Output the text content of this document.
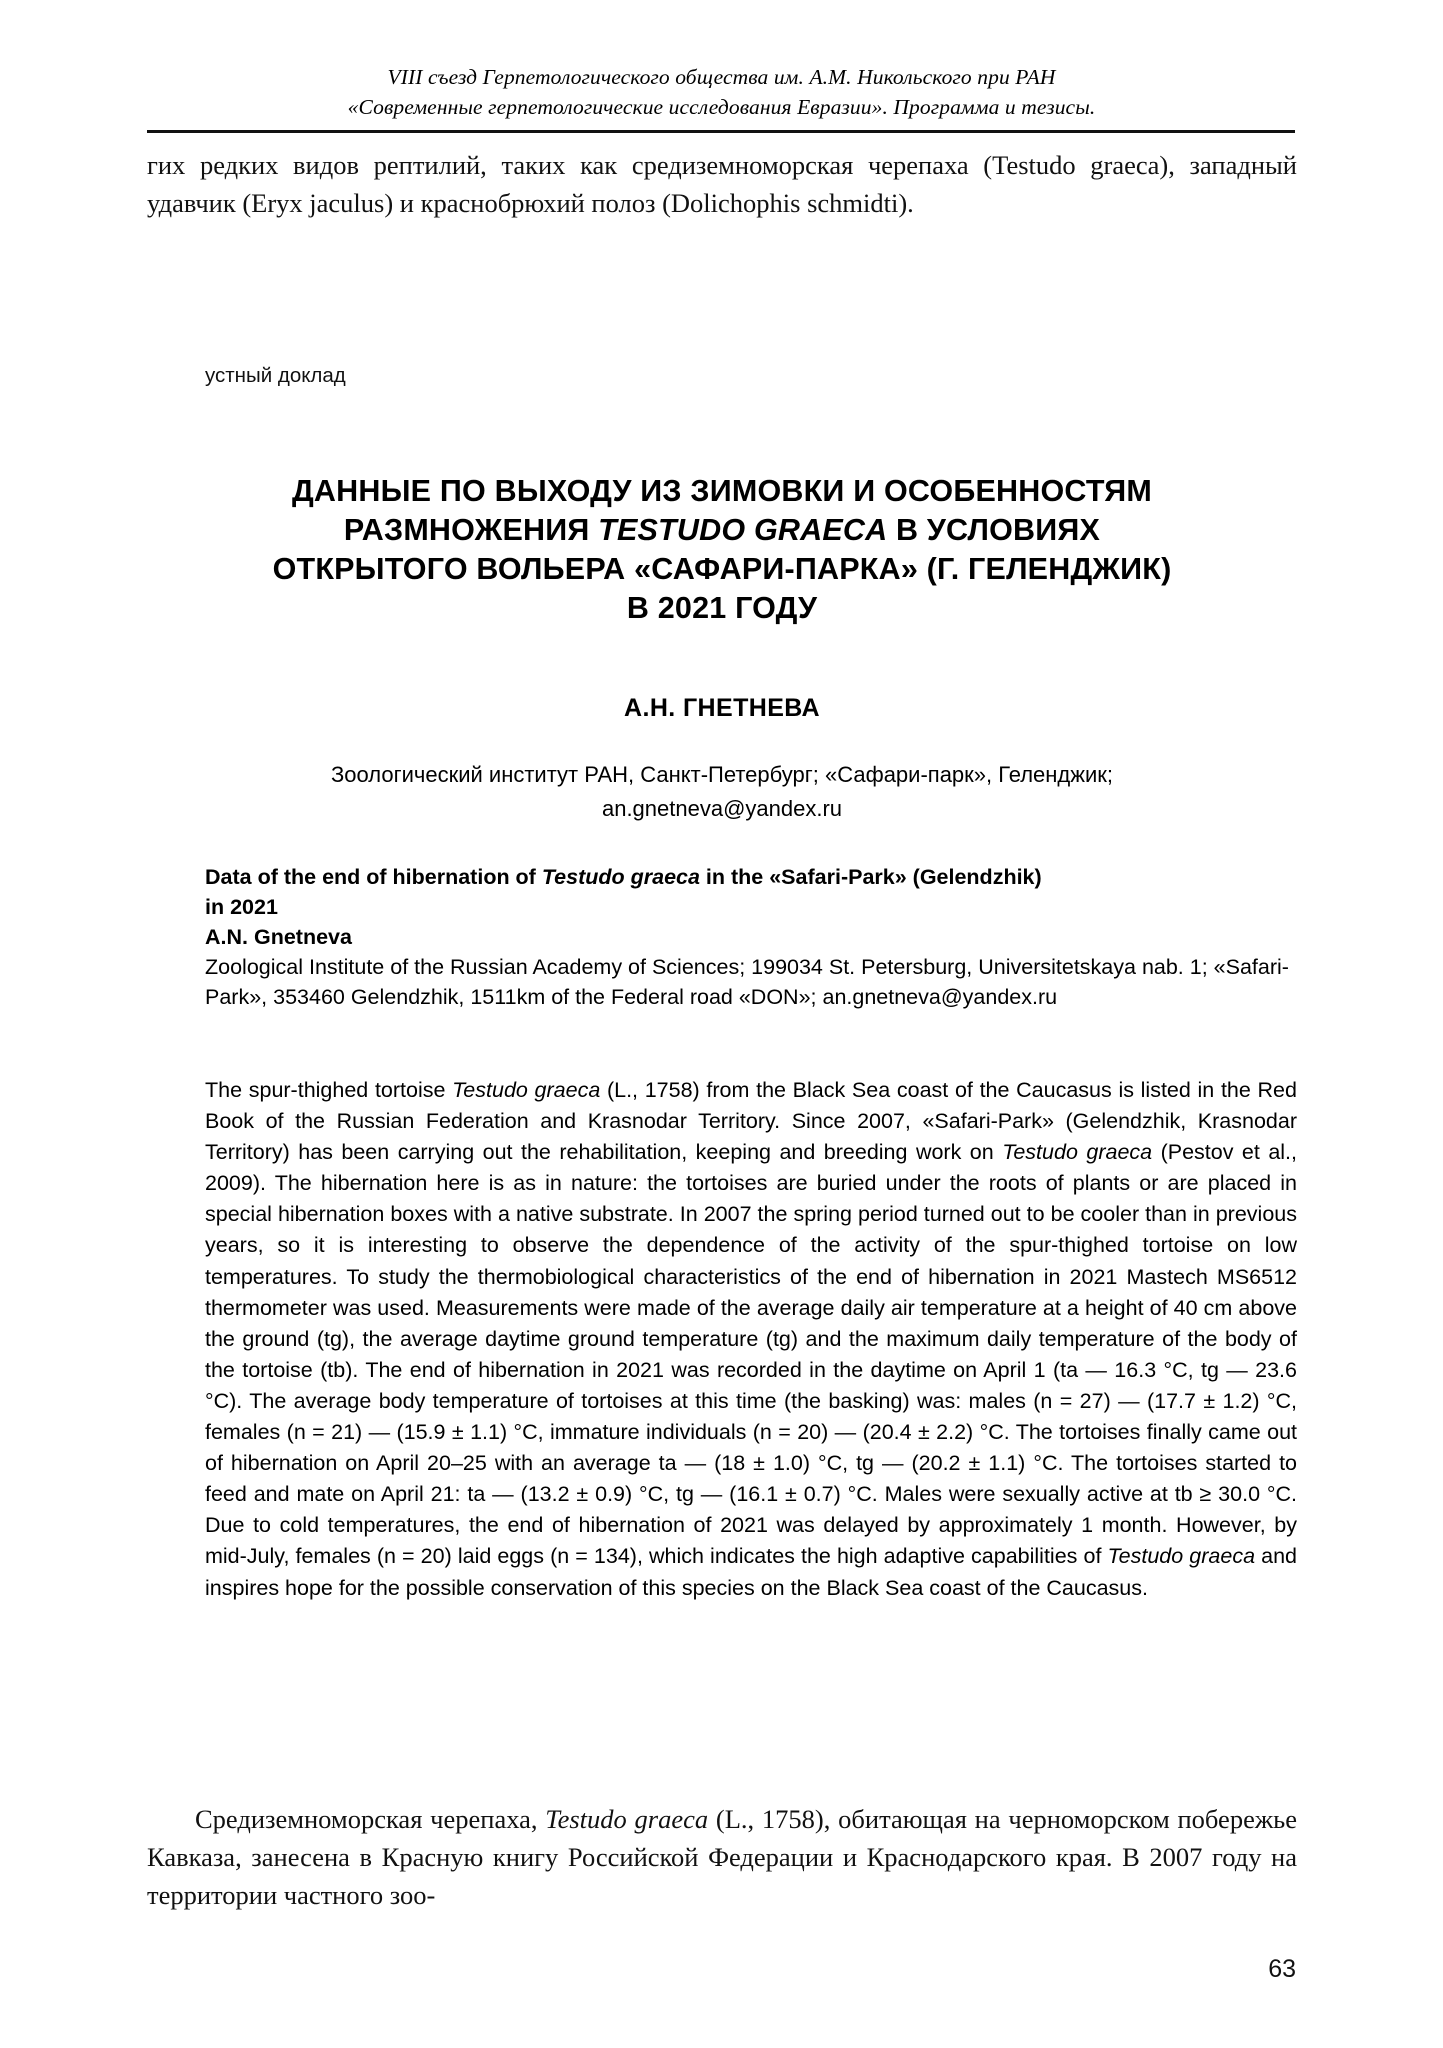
VIII съезд Герпетологического общества им. А.М. Никольского при РАН
«Современные герпетологические исследования Евразии». Программа и тезисы.
гих редких видов рептилий, таких как средиземноморская черепаха (Testudo graeca), западный удавчик (Eryx jaculus) и краснобрюхий полоз (Dolichophis schmidti).
устный доклад
ДАННЫЕ ПО ВЫХОДУ ИЗ ЗИМОВКИ И ОСОБЕННОСТЯМ
РАЗМНОЖЕНИЯ TESTUDO GRAECA В УСЛОВИЯХ
ОТКРЫТОГО ВОЛЬЕРА «САФАРИ-ПАРКА» (Г. ГЕЛЕНДЖИК)
В 2021 ГОДУ
А.Н. ГНЕТНЕВА
Зоологический институт РАН, Санкт-Петербург; «Сафари-парк», Геленджик;
an.gnetneva@yandex.ru
Data of the end of hibernation of Testudo graeca in the «Safari-Park» (Gelendzhik)
in 2021
A.N. Gnetneva
Zoological Institute of the Russian Academy of Sciences; 199034 St. Petersburg, Universitetskaya nab. 1; «Safari-Park», 353460 Gelendzhik, 1511km of the Federal road «DON»; an.gnetneva@yandex.ru
The spur-thighed tortoise Testudo graeca (L., 1758) from the Black Sea coast of the Caucasus is listed in the Red Book of the Russian Federation and Krasnodar Territory. Since 2007, «Safari-Park» (Gelendzhik, Krasnodar Territory) has been carrying out the rehabilitation, keeping and breeding work on Testudo graeca (Pestov et al., 2009). The hibernation here is as in nature: the tortoises are buried under the roots of plants or are placed in special hibernation boxes with a native substrate. In 2007 the spring period turned out to be cooler than in previous years, so it is interesting to observe the dependence of the activity of the spur-thighed tortoise on low temperatures. To study the thermobiological characteristics of the end of hibernation in 2021 Mastech MS6512 thermometer was used. Measurements were made of the average daily air temperature at a height of 40 cm above the ground (tg), the average daytime ground temperature (tg) and the maximum daily temperature of the body of the tortoise (tb). The end of hibernation in 2021 was recorded in the daytime on April 1 (ta — 16.3 °C, tg — 23.6 °C). The average body temperature of tortoises at this time (the basking) was: males (n = 27) — (17.7 ± 1.2) °C, females (n = 21) — (15.9 ± 1.1) °C, immature individuals (n = 20) — (20.4 ± 2.2) °C. The tortoises finally came out of hibernation on April 20–25 with an average ta — (18 ± 1.0) °C, tg — (20.2 ± 1.1) °C. The tortoises started to feed and mate on April 21: ta — (13.2 ± 0.9) °C, tg — (16.1 ± 0.7) °C. Males were sexually active at tb ≥ 30.0 °C. Due to cold temperatures, the end of hibernation of 2021 was delayed by approximately 1 month. However, by mid-July, females (n = 20) laid eggs (n = 134), which indicates the high adaptive capabilities of Testudo graeca and inspires hope for the possible conservation of this species on the Black Sea coast of the Caucasus.
Средиземноморская черепаха, Testudo graeca (L., 1758), обитающая на черноморском побережье Кавказа, занесена в Красную книгу Российской Федерации и Краснодарского края. В 2007 году на территории частного зоо-
63
